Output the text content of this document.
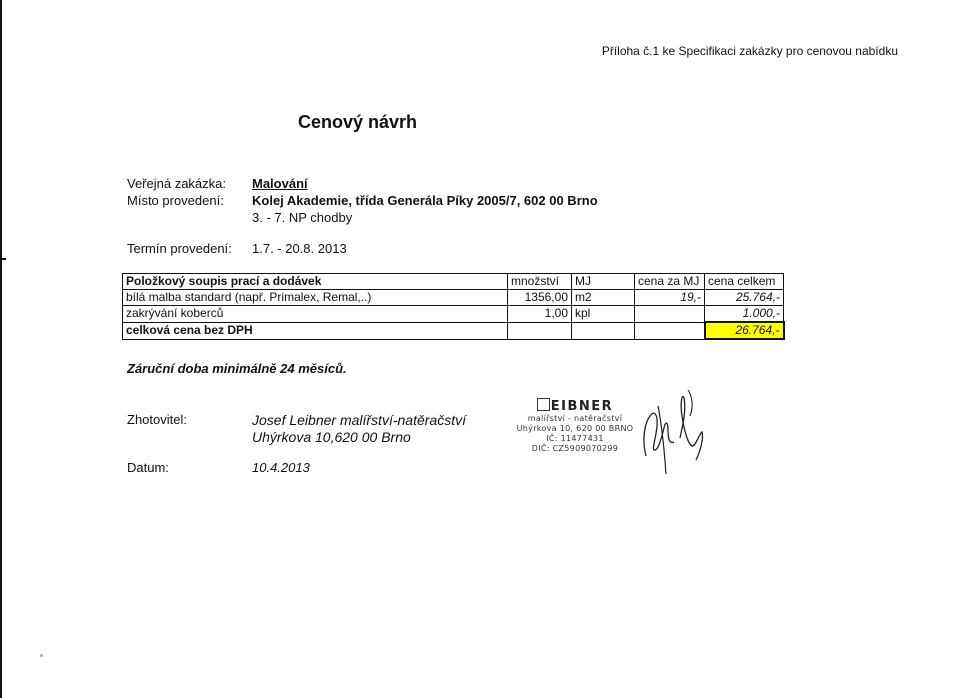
Příloha č.1 ke Specifikaci zakázky pro cenovou nabídku
Cenový návrh
Veřejná zakázka: Malování
Místo provedení: Kolej Akademie, třída Generála Píky 2005/7, 602 00 Brno
3. - 7. NP chodby
Termín provedení: 1.7. - 20.8. 2013
Položkový soupis prací a dodávek	množství	MJ	cena za MJ	cena celkem
bílá malba standard (např. Primalex, Remal,..)	1356,00	m2	19,-	25.764,-
zakrývání koberců	1,00	kpl		1.000,-
celková cena bez DPH				26.764,-
Záruční doba minimálně 24 měsíců.
Zhotovitel:	Josef Leibner malířství-natěračství
Uhýrkova 10,620 00 Brno
Datum:	10.4.2013
EIBNER
malířství - natěračství
Uhýrkova 10, 620 00 BRNO
IČ: 11477431
DIČ: CZ5909070299
